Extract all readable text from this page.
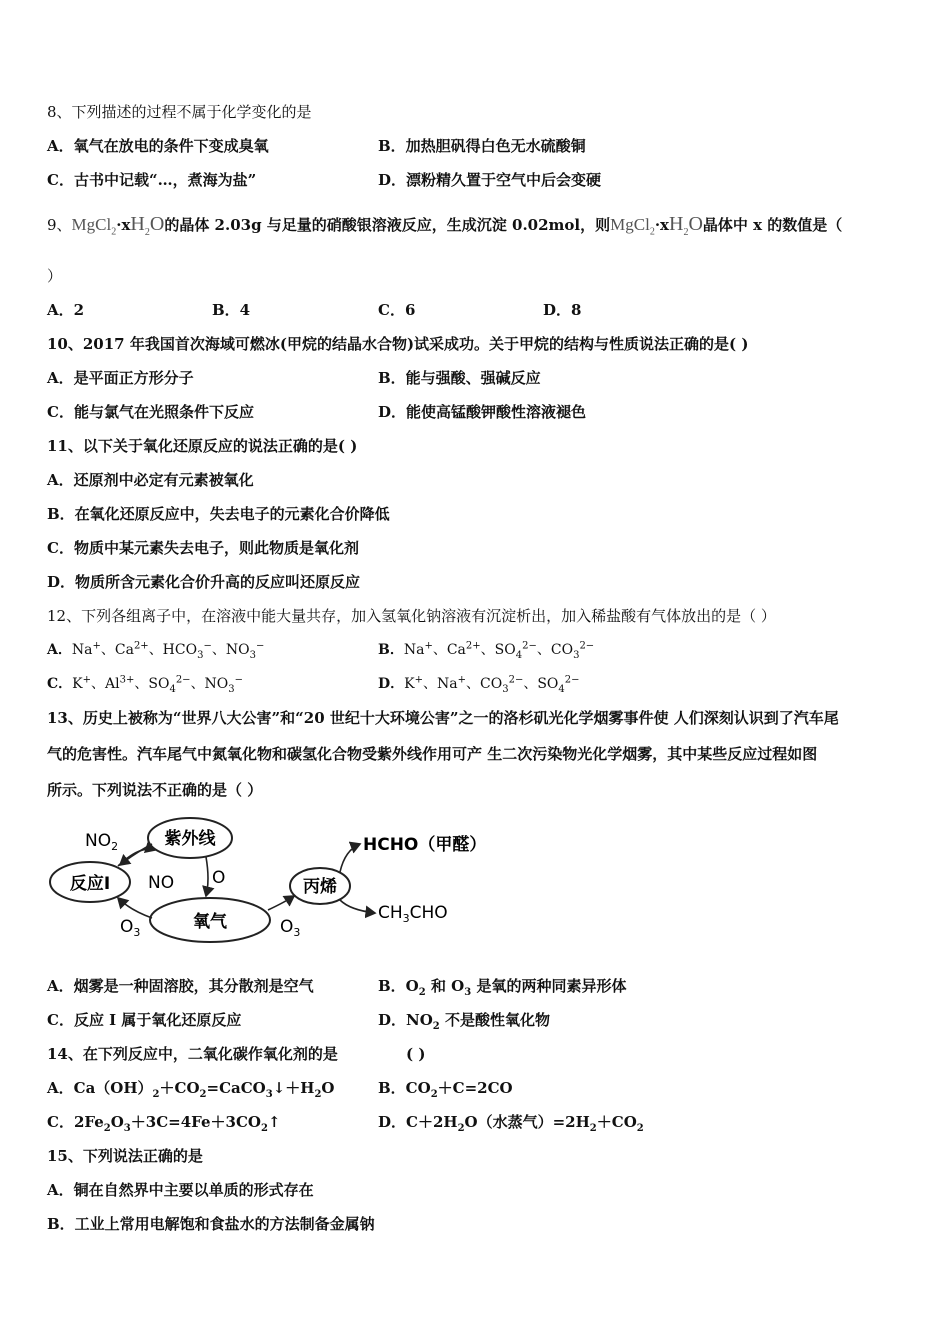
8、下列描述的过程不属于化学变化的是
A．氧气在放电的条件下变成臭氧	B．加热胆矾得白色无水硫酸铜
C．古书中记载“…，煮海为盐”	D．漂粉精久置于空气中后会变硬
9、$MgCl_2\cdot xH_2O$的晶体 2.03g 与足量的硝酸银溶液反应，生成沉淀 0.02mol，则$MgCl_2\cdot xH_2O$晶体中 x 的数值是（
）
A．2	B．4	C．6	D．8
10、2017 年我国首次海域可燃冰(甲烷的结晶水合物)试采成功。关于甲烷的结构与性质说法正确的是( )
A．是平面正方形分子	B．能与强酸、强碱反应
C．能与氯气在光照条件下反应	D．能使高锰酸钾酸性溶液褪色
11、以下关于氧化还原反应的说法正确的是( )
A．还原剂中必定有元素被氧化
B．在氧化还原反应中，失去电子的元素化合价降低
C．物质中某元素失去电子，则此物质是氧化剂
D．物质所含元素化合价升高的反应叫还原反应
12、下列各组离子中，在溶液中能大量共存，加入氢氧化钠溶液有沉淀析出，加入稀盐酸有气体放出的是（ ）
A．Na+、$Ca^{2+}$、$HCO_3^-$、$NO_3^-$	B．Na+、$Ca^{2+}$、$SO_4^{2-}$、$CO_3^{2-}$
C．K+、$Al^{3+}$、$SO_4^{2-}$、$NO_3^-$	D．K+、Na+、$CO_3^{2-}$、$SO_4^{2-}$
13、历史上被称为“世界八大公害”和“20 世纪十大环境公害”之一的洛杉矶光化学烟雾事件使 人们深刻认识到了汽车尾
气的危害性。汽车尾气中氮氧化物和碳氢化合物受紫外线作用可产 生二次污染物光化学烟雾，其中某些反应过程如图
所示。下列说法不正确的是（ ）
紫外线
反应I
氧气
丙烯
$NO_2$
NO O
$O_3$	$O_3$
HCHO（甲醛）
$CH_3CHO$
A．烟雾是一种固溶胶，其分散剂是空气	B．$O_2$ 和 $O_3$ 是氧的两种同素异形体
C．反应 I 属于氧化还原反应	D．$NO_2$ 不是酸性氧化物
14、在下列反应中，二氧化碳作氧化剂的是	( )
A．$Ca(OH)_2+CO_2=CaCO_3↓+H_2O$	B．$CO_2+C=2CO$
C．$2Fe_2O_3+3C=4Fe+3CO_2↑$	D．$C+2H_2O$（水蒸气）$=2H_2+CO_2$
15、下列说法正确的是
A．铜在自然界中主要以单质的形式存在
B．工业上常用电解饱和食盐水的方法制备金属钠
